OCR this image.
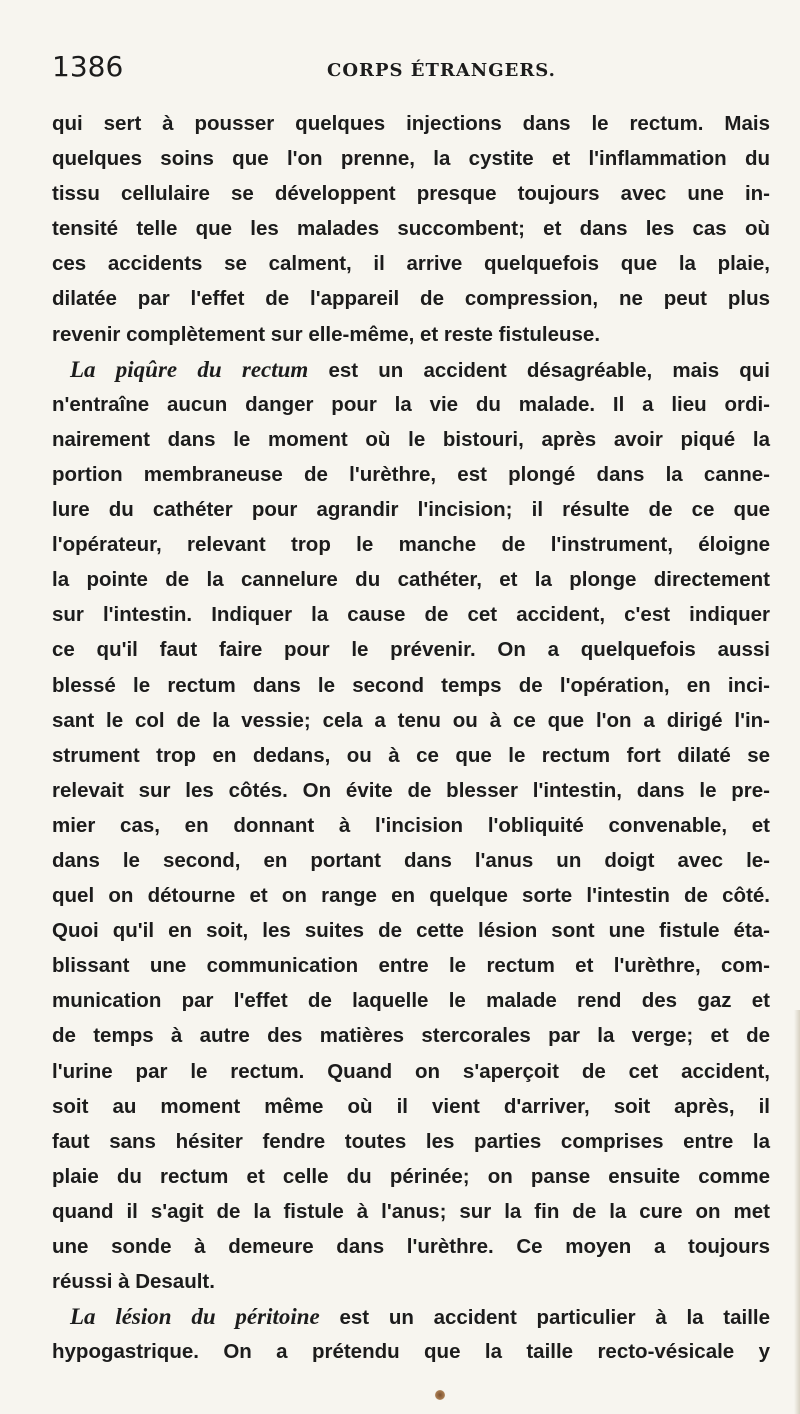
1386	CORPS ÉTRANGERS.
qui sert à pousser quelques injections dans le rectum. Mais
quelques soins que l'on prenne, la cystite et l'inflammation du
tissu cellulaire se développent presque toujours avec une in-
tensité telle que les malades succombent; et dans les cas où
ces accidents se calment, il arrive quelquefois que la plaie,
dilatée par l'effet de l'appareil de compression, ne peut plus
revenir complètement sur elle-même, et reste fistuleuse.
La piqûre du rectum est un accident désagréable, mais qui
n'entraîne aucun danger pour la vie du malade. Il a lieu ordi-
nairement dans le moment où le bistouri, après avoir piqué la
portion membraneuse de l'urèthre, est plongé dans la canne-
lure du cathéter pour agrandir l'incision; il résulte de ce que
l'opérateur, relevant trop le manche de l'instrument, éloigne
la pointe de la cannelure du cathéter, et la plonge directement
sur l'intestin. Indiquer la cause de cet accident, c'est indiquer
ce qu'il faut faire pour le prévenir. On a quelquefois aussi
blessé le rectum dans le second temps de l'opération, en inci-
sant le col de la vessie; cela a tenu ou à ce que l'on a dirigé l'in-
strument trop en dedans, ou à ce que le rectum fort dilaté se
relevait sur les côtés. On évite de blesser l'intestin, dans le pre-
mier cas, en donnant à l'incision l'obliquité convenable, et
dans le second, en portant dans l'anus un doigt avec le-
quel on détourne et on range en quelque sorte l'intestin de côté.
Quoi qu'il en soit, les suites de cette lésion sont une fistule éta-
blissant une communication entre le rectum et l'urèthre, com-
munication par l'effet de laquelle le malade rend des gaz et
de temps à autre des matières stercorales par la verge; et de
l'urine par le rectum. Quand on s'aperçoit de cet accident,
soit au moment même où il vient d'arriver, soit après, il
faut sans hésiter fendre toutes les parties comprises entre la
plaie du rectum et celle du périnée; on panse ensuite comme
quand il s'agit de la fistule à l'anus; sur la fin de la cure on met
une sonde à demeure dans l'urèthre. Ce moyen a toujours
réussi à Desault.
La lésion du péritoine est un accident particulier à la taille
hypogastrique. On a prétendu que la taille recto-vésicale y
